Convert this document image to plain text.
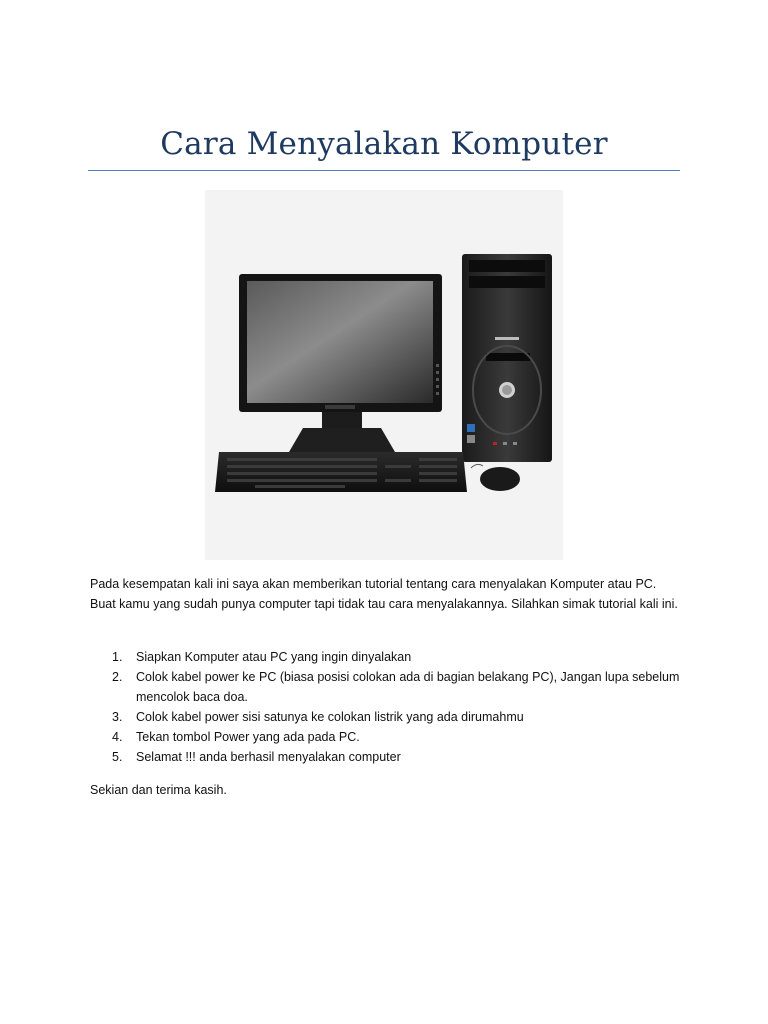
Cara Menyalakan Komputer

Pada kesempatan kali ini saya akan memberikan tutorial tentang cara menyalakan Komputer atau PC. Buat kamu yang sudah punya computer tapi tidak tau cara menyalakannya. Silahkan simak tutorial kali ini.

1. Siapkan Komputer atau PC yang ingin dinyalakan
2. Colok kabel power ke PC (biasa posisi colokan ada di bagian belakang PC), Jangan lupa sebelum mencolok baca doa.
3. Colok kabel power sisi satunya ke colokan listrik yang ada dirumahmu
4. Tekan tombol Power yang ada pada PC.
5. Selamat !!! anda berhasil menyalakan computer

Sekian dan terima kasih.
